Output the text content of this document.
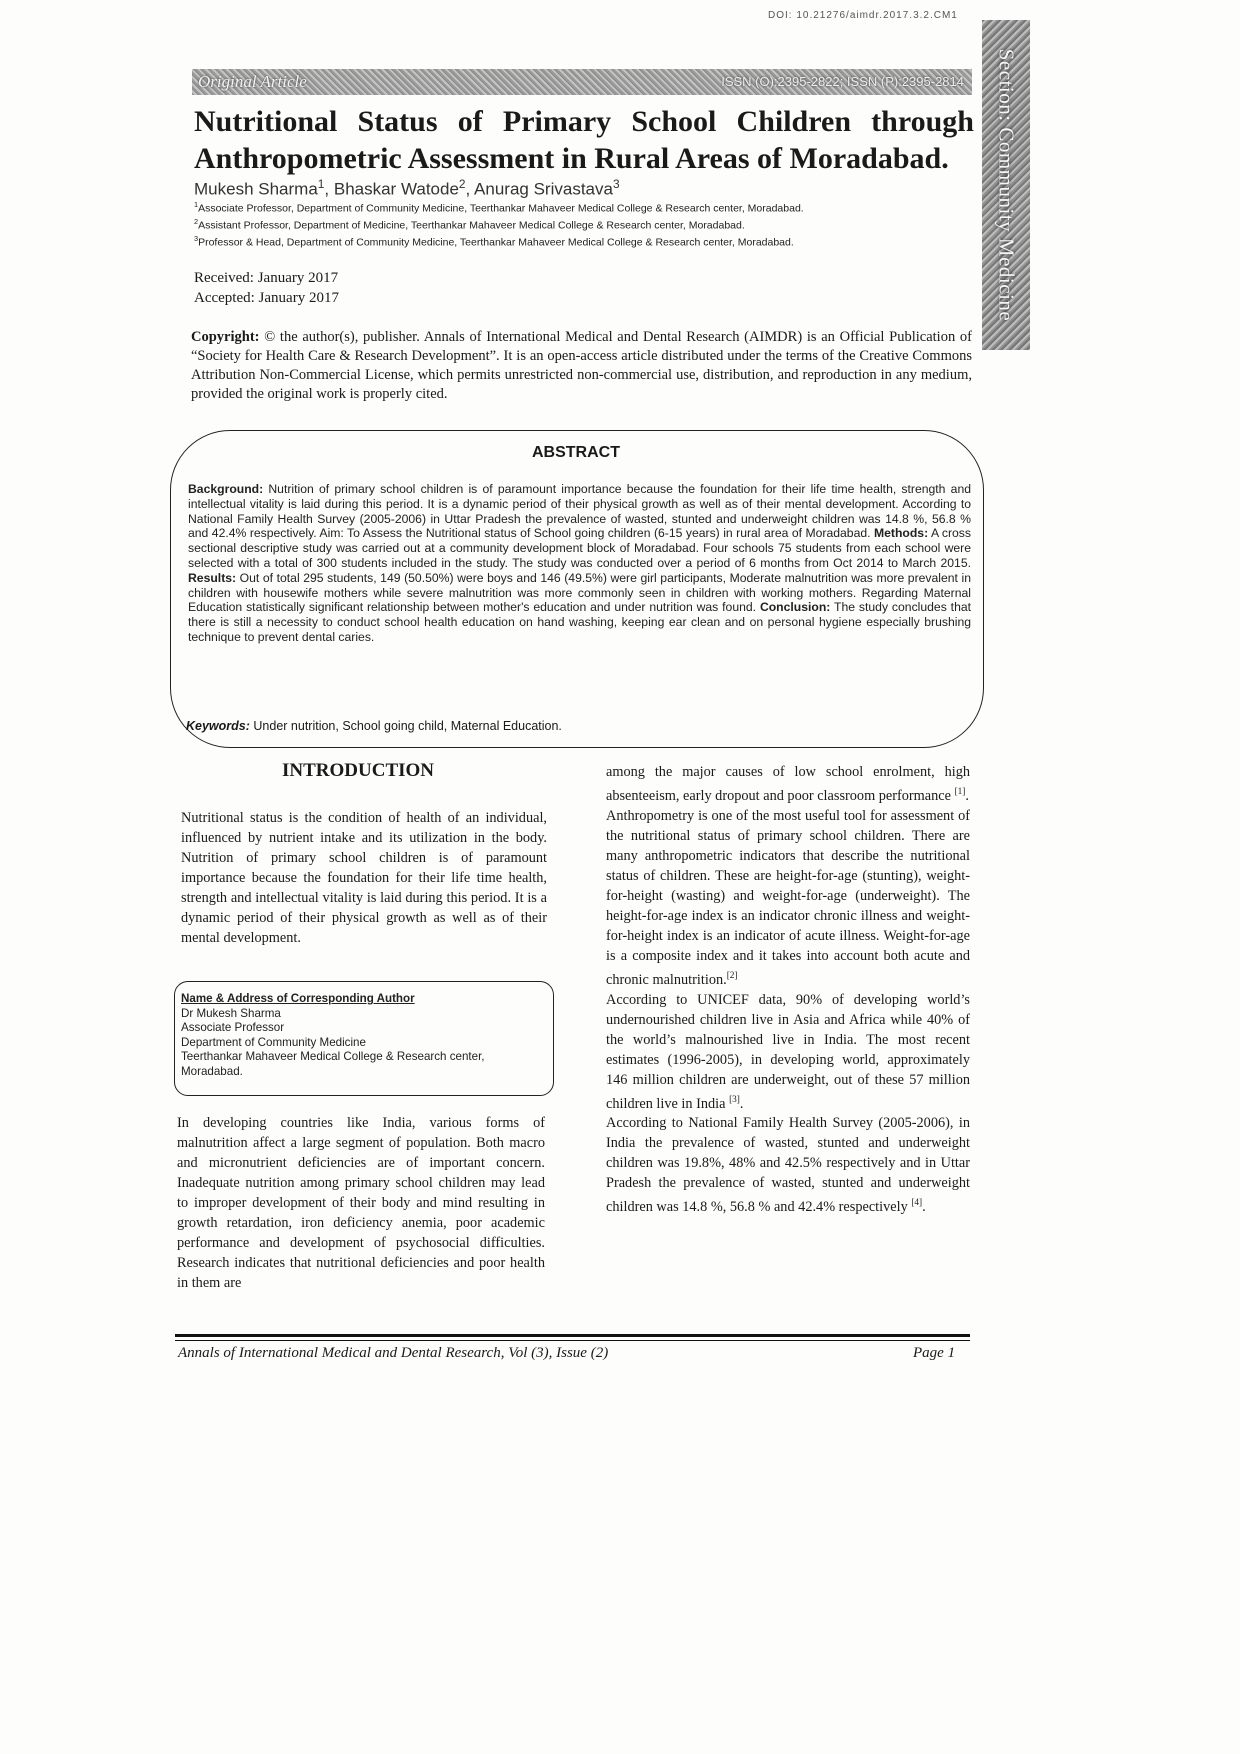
DOI: 10.21276/aimdr.2017.3.2.CM1
Original Article	ISSN (O):2395-2822; ISSN (P):2395-2814 Section: Community Medicine
Nutritional Status of Primary School Children through
Anthropometric Assessment in Rural Areas of Moradabad.
Mukesh Sharma$^1$, Bhaskar Watode$^2$, Anurag Srivastava$^3$
$^1$Associate Professor, Department of Community Medicine, Teerthankar Mahaveer Medical College & Research center, Moradabad.
$^2$Assistant Professor, Department of Medicine, Teerthankar Mahaveer Medical College & Research center, Moradabad.
$^3$Professor & Head, Department of Community Medicine, Teerthankar Mahaveer Medical College & Research center, Moradabad.
Received: January 2017
Accepted: January 2017
Copyright: © the author(s), publisher. Annals of International Medical and Dental Research (AIMDR) is an Official Publication of “Society for Health Care & Research Development”. It is an open-access article distributed under the terms of the Creative Commons Attribution Non-Commercial License, which permits unrestricted non-commercial use, distribution, and reproduction in any medium, provided the original work is properly cited.
ABSTRACT
Background: Nutrition of primary school children is of paramount importance because the foundation for their life time health, strength and intellectual vitality is laid during this period. It is a dynamic period of their physical growth as well as of their mental development. According to National Family Health Survey (2005-2006) in Uttar Pradesh the prevalence of wasted, stunted and underweight children was 14.8 %, 56.8 % and 42.4% respectively. Aim: To Assess the Nutritional status of School going children (6-15 years) in rural area of Moradabad. Methods: A cross sectional descriptive study was carried out at a community development block of Moradabad. Four schools 75 students from each school were selected with a total of 300 students included in the study. The study was conducted over a period of 6 months from Oct 2014 to March 2015. Results: Out of total 295 students, 149 (50.50%) were boys and 146 (49.5%) were girl participants, Moderate malnutrition was more prevalent in children with housewife mothers while severe malnutrition was more commonly seen in children with working mothers. Regarding Maternal Education statistically significant relationship between mother's education and under nutrition was found. Conclusion: The study concludes that there is still a necessity to conduct school health education on hand washing, keeping ear clean and on personal hygiene especially brushing technique to prevent dental caries.
Keywords: Under nutrition, School going child, Maternal Education.
INTRODUCTION
Nutritional status is the condition of health of an individual, influenced by nutrient intake and its utilization in the body. Nutrition of primary school children is of paramount importance because the foundation for their life time health, strength and intellectual vitality is laid during this period. It is a dynamic period of their physical growth as well as of their mental development.
Name & Address of Corresponding Author
Dr Mukesh Sharma
Associate Professor
Department of Community Medicine
Teerthankar Mahaveer Medical College & Research center,
Moradabad.
In developing countries like India, various forms of malnutrition affect a large segment of population. Both macro and micronutrient deficiencies are of important concern. Inadequate nutrition among primary school children may lead to improper development of their body and mind resulting in growth retardation, iron deficiency anemia, poor academic performance and development of psychosocial difficulties. Research indicates that nutritional deficiencies and poor health in them are
among the major causes of low school enrolment, high absenteeism, early dropout and poor classroom performance [1].
Anthropometry is one of the most useful tool for assessment of the nutritional status of primary school children. There are many anthropometric indicators that describe the nutritional status of children. These are height-for-age (stunting), weight-for-height (wasting) and weight-for-age (underweight). The height-for-age index is an indicator chronic illness and weight-for-height index is an indicator of acute illness. Weight-for-age is a composite index and it takes into account both acute and chronic malnutrition.[2]
According to UNICEF data, 90% of developing world’s undernourished children live in Asia and Africa while 40% of the world’s malnourished live in India. The most recent estimates (1996-2005), in developing world, approximately 146 million children are underweight, out of these 57 million children live in India [3].
According to National Family Health Survey (2005-2006), in India the prevalence of wasted, stunted and underweight children was 19.8%, 48% and 42.5% respectively and in Uttar Pradesh the prevalence of wasted, stunted and underweight children was 14.8 %, 56.8 % and 42.4% respectively [4].
Annals of International Medical and Dental Research, Vol (3), Issue (2)	Page 1
